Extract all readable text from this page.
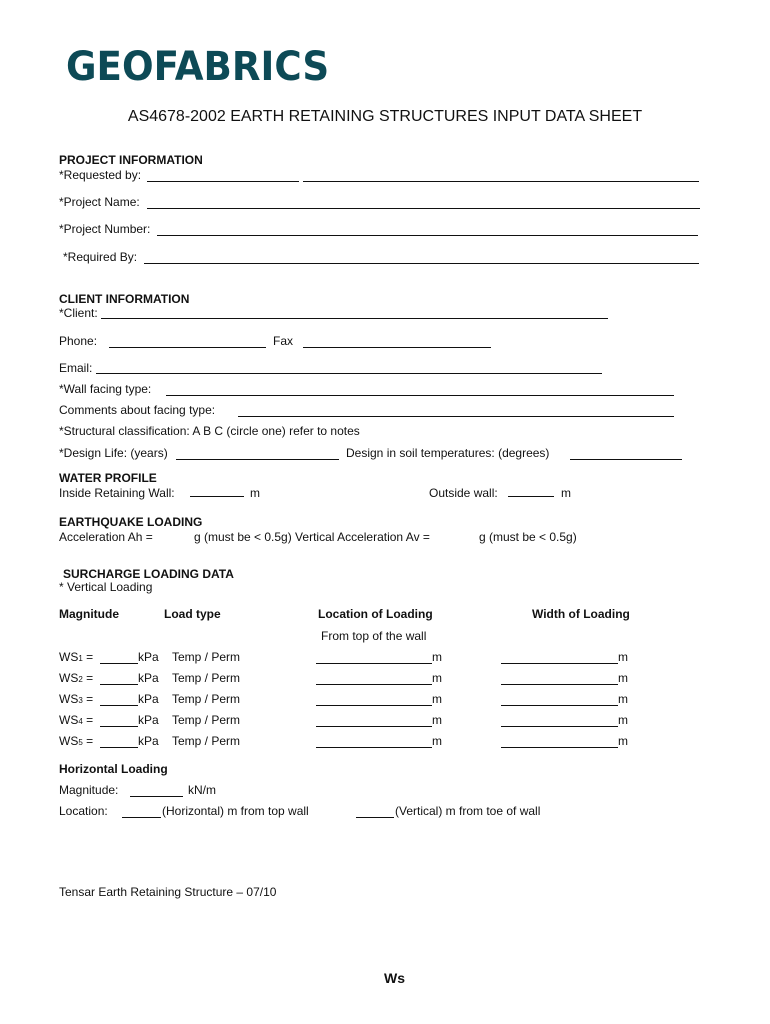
GEOFABRICS
AS4678-2002 EARTH RETAINING STRUCTURES INPUT DATA SHEET
PROJECT INFORMATION
*Requested by:
*Project Name:
*Project Number:
*Required By:
CLIENT INFORMATION
*Client:
Phone:	Fax
Email:
*Wall facing type:
Comments about facing type:
*Structural classification: A B C (circle one) refer to notes
*Design Life: (years)	Design in soil temperatures: (degrees)
WATER PROFILE
Inside Retaining Wall:	m	Outside wall:	m
EARTHQUAKE LOADING
Acceleration Ah =	g (must be < 0.5g) Vertical Acceleration Av =	g (must be < 0.5g)
SURCHARGE LOADING DATA
* Vertical Loading
Magnitude	Load type	Location of Loading	Width of Loading
From top of the wall
WS1 =	kPa Temp / Perm	m	m
WS2 =	kPa Temp / Perm	m	m
WS3 =	kPa Temp / Perm	m	m
WS4 =	kPa Temp / Perm	m	m
WS5 =	kPa Temp / Perm	m	m
Horizontal Loading
Magnitude:	kN/m
Location:	(Horizontal) m from top wall	(Vertical) m from toe of wall
Tensar Earth Retaining Structure – 07/10
Ws
